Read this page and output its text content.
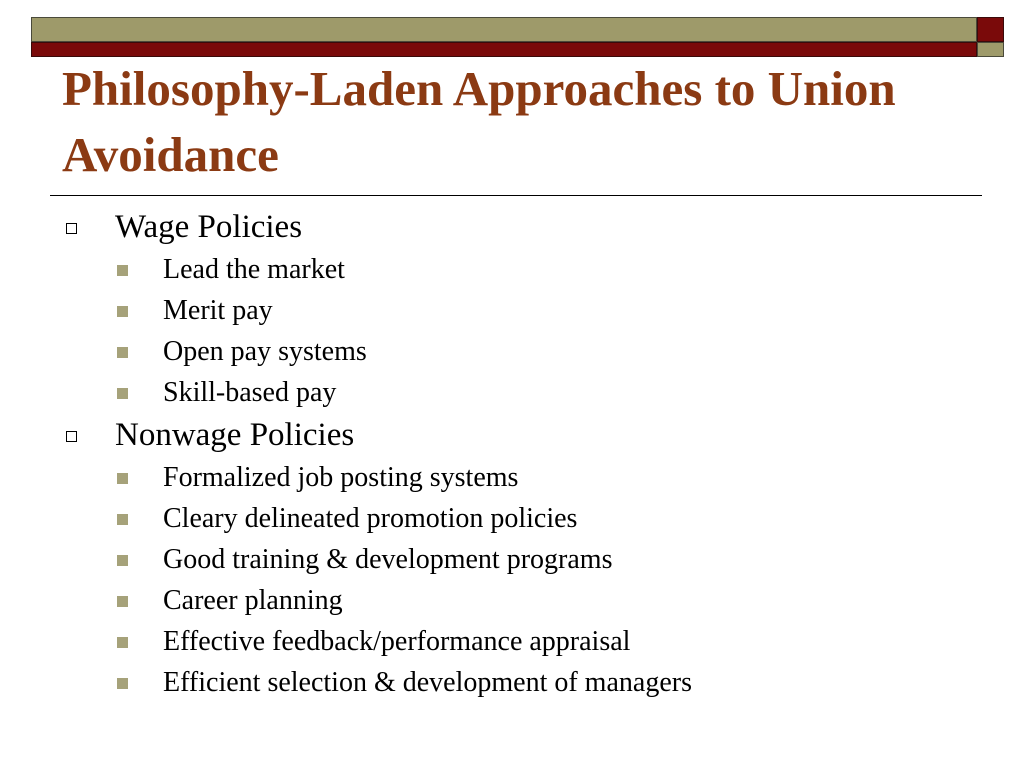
Philosophy-Laden Approaches to Union Avoidance
Wage Policies
Lead the market
Merit pay
Open pay systems
Skill-based pay
Nonwage Policies
Formalized job posting systems
Cleary delineated promotion policies
Good training & development programs
Career planning
Effective feedback/performance appraisal
Efficient selection & development of managers
